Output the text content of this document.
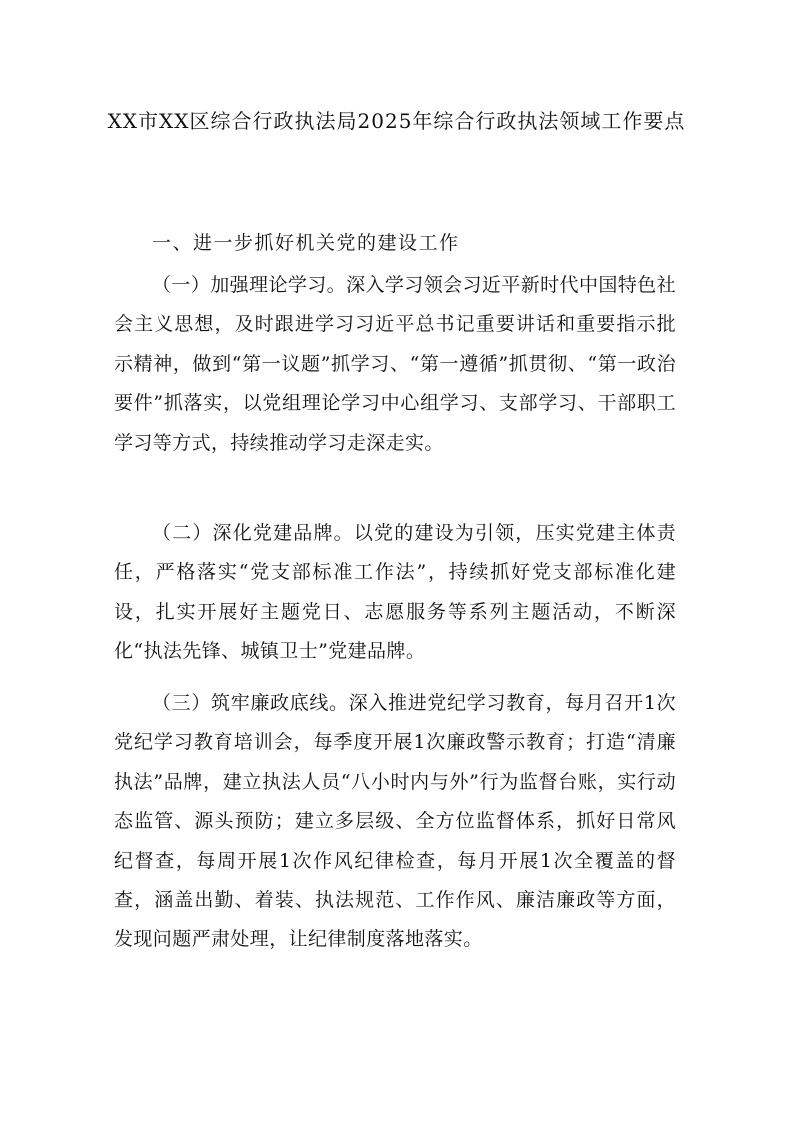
XX市XX区综合行政执法局2025年综合行政执法领域工作要点
一、进一步抓好机关党的建设工作

（一）加强理论学习。深入学习领会习近平新时代中国特色社会主义思想，及时跟进学习习近平总书记重要讲话和重要指示批示精神，做到“第一议题”抓学习、“第一遵循”抓贯彻、“第一政治要件”抓落实，以党组理论学习中心组学习、支部学习、干部职工学习等方式，持续推动学习走深走实。

（二）深化党建品牌。以党的建设为引领，压实党建主体责任，严格落实“党支部标准工作法”，持续抓好党支部标准化建设，扎实开展好主题党日、志愿服务等系列主题活动，不断深化“执法先锋、城镇卫士”党建品牌。

（三）筑牢廉政底线。深入推进党纪学习教育，每月召开1次党纪学习教育培训会，每季度开展1次廉政警示教育；打造“清廉执法”品牌，建立执法人员“八小时内与外”行为监督台账，实行动态监管、源头预防；建立多层级、全方位监督体系，抓好日常风纪督查，每周开展1次作风纪律检查，每月开展1次全覆盖的督查，涵盖出勤、着装、执法规范、工作作风、廉洁廉政等方面，发现问题严肃处理，让纪律制度落地落实。
